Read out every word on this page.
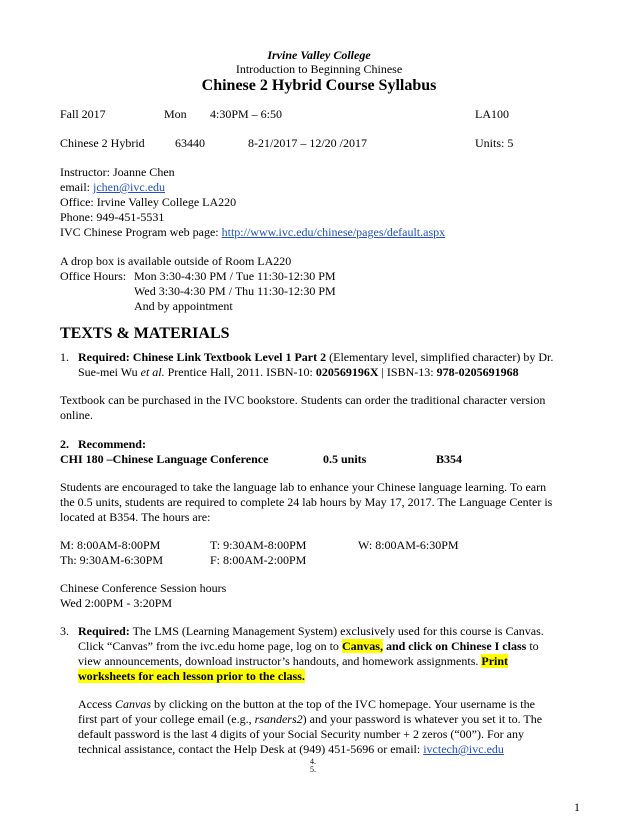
Irvine Valley College
Introduction to Beginning Chinese
Chinese 2 Hybrid Course Syllabus
Fall 2017	Mon 4:30PM – 6:50	LA100
Chinese 2 Hybrid	63440	8-21/2017 – 12/20 /2017	Units: 5
Instructor: Joanne Chen
email: jchen@ivc.edu
Office: Irvine Valley College LA220
Phone: 949-451-5531
IVC Chinese Program web page: http://www.ivc.edu/chinese/pages/default.aspx
A drop box is available outside of Room LA220
Office Hours: Mon 3:30-4:30 PM / Tue 11:30-12:30 PM
Wed 3:30-4:30 PM / Thu 11:30-12:30 PM
And by appointment
TEXTS & MATERIALS
1. Required: Chinese Link Textbook Level 1 Part 2 (Elementary level, simplified character) by Dr.
Sue-mei Wu et al. Prentice Hall, 2011. ISBN-10: 020569196X | ISBN-13: 978-0205691968
Textbook can be purchased in the IVC bookstore. Students can order the traditional character version
online.
2. Recommend:
CHI 180 –Chinese Language Conference	0.5 units	B354
Students are encouraged to take the language lab to enhance your Chinese language learning. To earn
the 0.5 units, students are required to complete 24 lab hours by May 17, 2017. The Language Center is
located at B354. The hours are:
M: 8:00AM-8:00PM	T: 9:30AM-8:00PM	W: 8:00AM-6:30PM
Th: 9:30AM-6:30PM	F: 8:00AM-2:00PM
Chinese Conference Session hours
Wed 2:00PM - 3:20PM
3. Required: The LMS (Learning Management System) exclusively used for this course is Canvas.
Click “Canvas” from the ivc.edu home page, log on to Canvas, and click on Chinese I class to
view announcements, download instructor’s handouts, and homework assignments. Print
worksheets for each lesson prior to the class.
Access Canvas by clicking on the button at the top of the IVC homepage. Your username is the
first part of your college email (e.g., rsanders2) and your password is whatever you set it to. The
default password is the last 4 digits of your Social Security number + 2 zeros (“00”). For any
technical assistance, contact the Help Desk at (949) 451-5696 or email: ivctech@ivc.edu
4.
5.
1
